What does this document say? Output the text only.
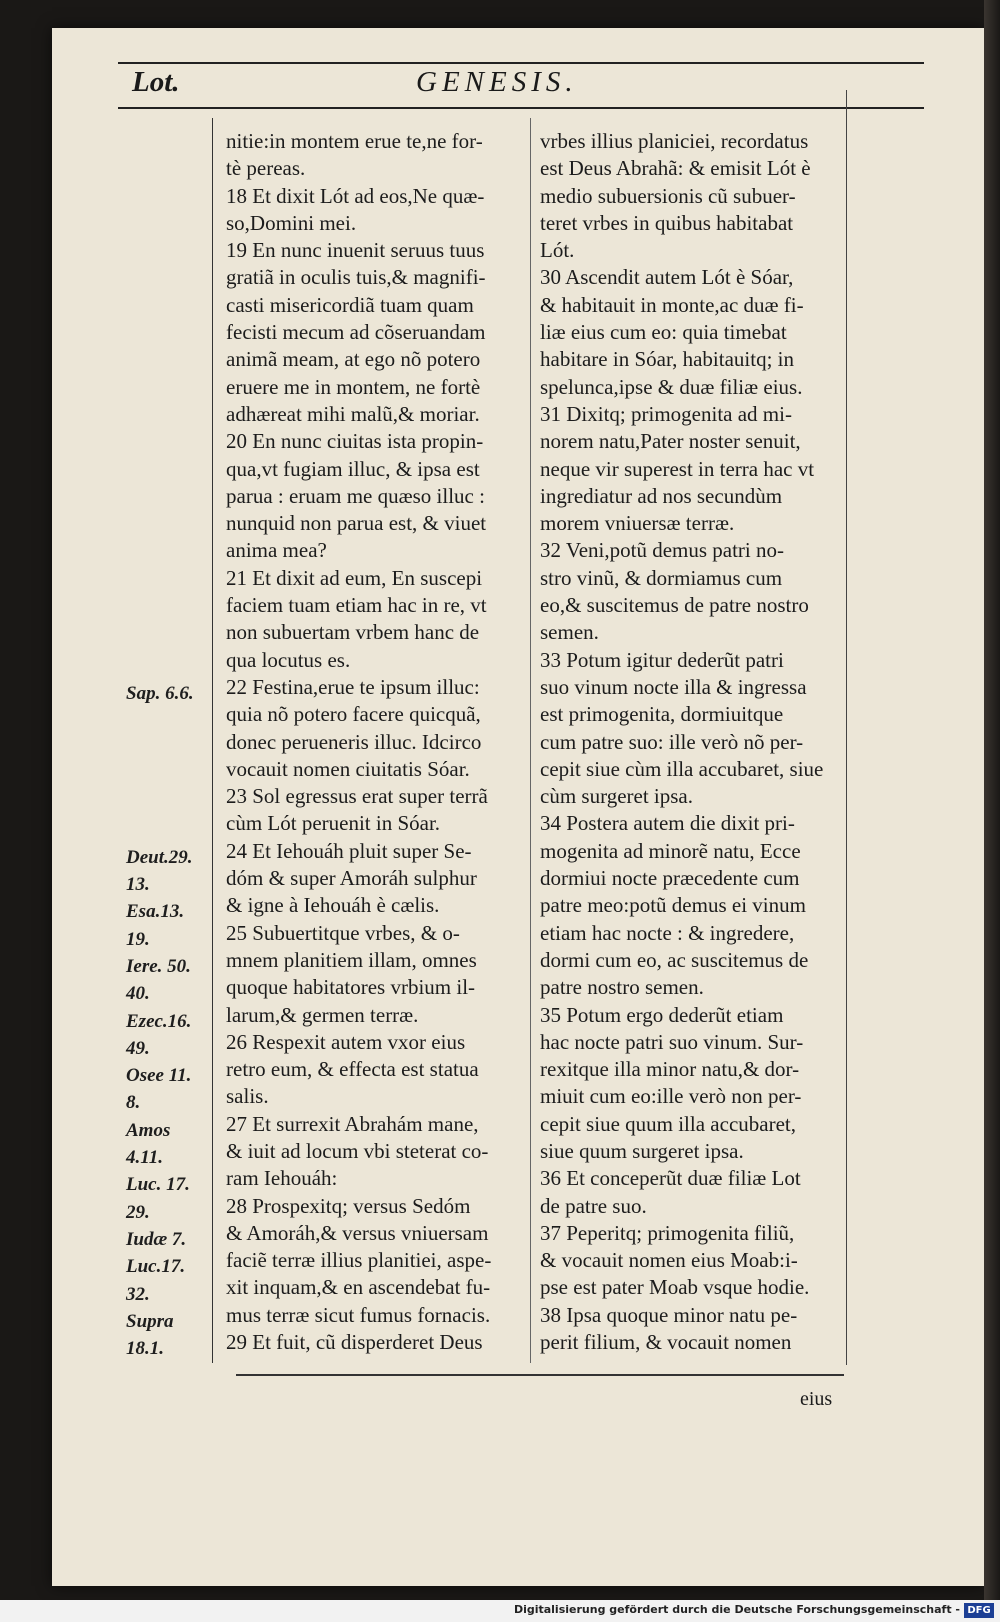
Lot.	GENESIS.
Sap. 6.6.
Deut.29.
13.
Esa.13.
19.
Iere. 50.
40.
Ezec.16.
49.
Osee 11.
8.
Amos
4.11.
Luc. 17.
29.
Iudæ 7.
Luc.17.
32.
Supra
18.1.
nitie:in montem erue te,ne for-
tè pereas.
18 Et dixit Lót ad eos,Ne quæ-
so,Domini mei.
19 En nunc inuenit seruus tuus
gratiã in oculis tuis,& magnifi-
casti misericordiã tuam quam
fecisti mecum ad cõseruandam
animã meam, at ego nõ potero
eruere me in montem, ne fortè
adhæreat mihi malũ,& moriar.
20 En nunc ciuitas ista propin-
qua,vt fugiam illuc, & ipsa est
parua : eruam me quæso illuc :
nunquid non parua est, & viuet
anima mea?
21 Et dixit ad eum, En suscepi
faciem tuam etiam hac in re, vt
non subuertam vrbem hanc de
qua locutus es.
22 Festina,erue te ipsum illuc:
quia nõ potero facere quicquã,
donec perueneris illuc. Idcirco
vocauit nomen ciuitatis Sóar.
23 Sol egressus erat super terrã
cùm Lót peruenit in Sóar.
24 Et Iehouáh pluit super Se-
dóm & super Amoráh sulphur
& igne à Iehouáh è cælis.
25 Subuertitque vrbes, & o-
mnem planitiem illam, omnes
quoque habitatores vrbium il-
larum,& germen terræ.
26 Respexit autem vxor eius
retro eum, & effecta est statua
salis.
27 Et surrexit Abrahám mane,
& iuit ad locum vbi steterat co-
ram Iehouáh:
28 Prospexitq; versus Sedóm
& Amoráh,& versus vniuersam
faciẽ terræ illius planitiei, aspe-
xit inquam,& en ascendebat fu-
mus terræ sicut fumus fornacis.
29 Et fuit, cũ disperderet Deus
vrbes illius planiciei, recordatus
est Deus Abrahã: & emisit Lót è
medio subuersionis cũ subuer-
teret vrbes in quibus habitabat
Lót.
30 Ascendit autem Lót è Sóar,
& habitauit in monte,ac duæ fi-
liæ eius cum eo: quia timebat
habitare in Sóar, habitauitq; in
spelunca,ipse & duæ filiæ eius.
31 Dixitq; primogenita ad mi-
norem natu,Pater noster senuit,
neque vir superest in terra hac vt
ingrediatur ad nos secundùm
morem vniuersæ terræ.
32 Veni,potũ demus patri no-
stro vinũ, & dormiamus cum
eo,& suscitemus de patre nostro
semen.
33 Potum igitur dederũt patri
suo vinum nocte illa & ingressa
est primogenita, dormiuitque
cum patre suo: ille verò nõ per-
cepit siue cùm illa accubaret, siue
cùm surgeret ipsa.
34 Postera autem die dixit pri-
mogenita ad minorẽ natu, Ecce
dormiui nocte præcedente cum
patre meo:potũ demus ei vinum
etiam hac nocte : & ingredere,
dormi cum eo, ac suscitemus de
patre nostro semen.
35 Potum ergo dederũt etiam
hac nocte patri suo vinum. Sur-
rexitque illa minor natu,& dor-
miuit cum eo:ille verò non per-
cepit siue quum illa accubaret,
siue quum surgeret ipsa.
36 Et conceperũt duæ filiæ Lot
de patre suo.
37 Peperitq; primogenita filiũ,
& vocauit nomen eius Moab:i-
pse est pater Moab vsque hodie.
38 Ipsa quoque minor natu pe-
perit filium, & vocauit nomen
eius
Digitalisierung gefördert durch die Deutsche Forschungsgemeinschaft - DFG
